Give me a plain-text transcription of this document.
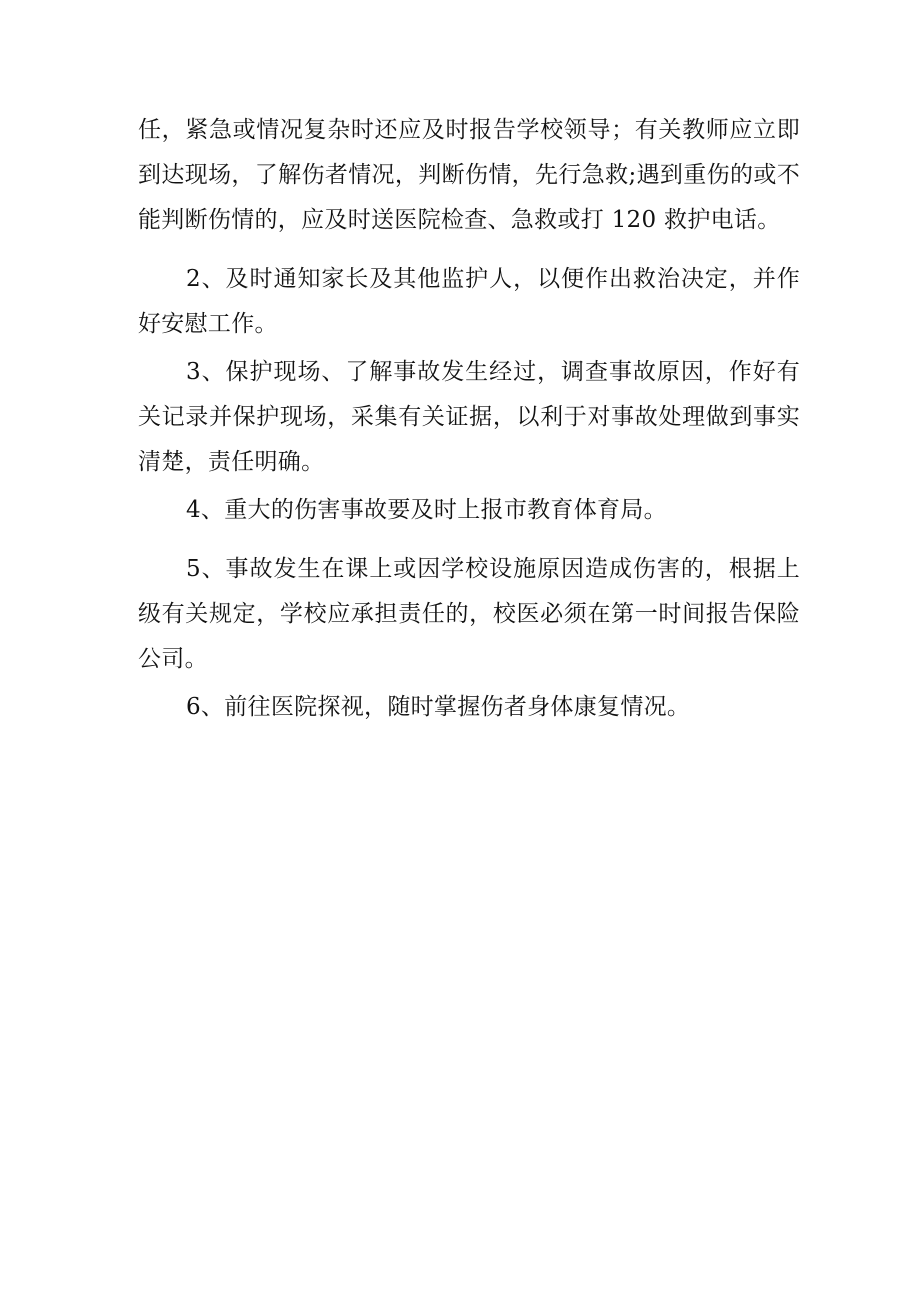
任，紧急或情况复杂时还应及时报告学校领导；有关教师应立即到达现场，了解伤者情况，判断伤情，先行急救;遇到重伤的或不能判断伤情的，应及时送医院检查、急救或打 120 救护电话。

2、及时通知家长及其他监护人，以便作出救治决定，并作好安慰工作。

3、保护现场、了解事故发生经过，调查事故原因，作好有关记录并保护现场，采集有关证据，以利于对事故处理做到事实清楚，责任明确。

4、重大的伤害事故要及时上报市教育体育局。

5、事故发生在课上或因学校设施原因造成伤害的，根据上级有关规定，学校应承担责任的，校医必须在第一时间报告保险公司。

6、前往医院探视，随时掌握伤者身体康复情况。
